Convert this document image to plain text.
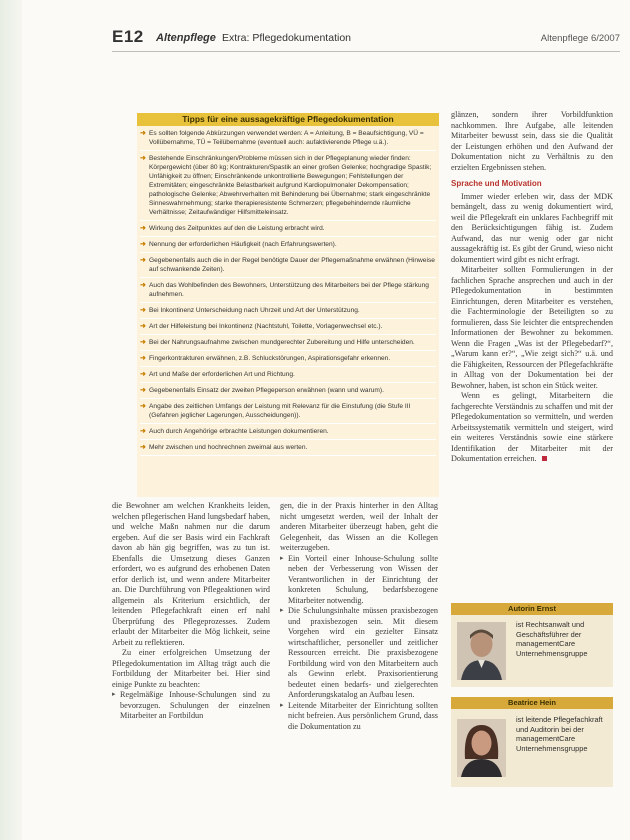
E12 Altenpflege Extra: Pflegedokumentation	Altenpflege 6/2007
Tipps für eine aussagekräftige Pflegedokumentation
➜ Es sollten folgende Abkürzungen verwendet werden: A = Anleitung, B = Beaufsichtigung, VÜ = Vollübernahme, TÜ = Teilübernahme (eventuell auch: aufaktivierende Pflege u.ä.).
➜ Bestehende Einschränkungen/Probleme müssen sich in der Pflegeplanung wieder finden: Körpergewicht (über 80 kg; Kontrakturen/Spastik an einer großen Gelenke; hochgradige Spastik; Unfähigkeit zu öffnen; Einschränkende unkontrollierte Bewegungen; Fehlstellungen der Extremitäten; eingeschränkte Belastbarkeit aufgrund Kardiopulmonaler Dekompensation; pathologische Gelenke; Abwehrverhalten mit Behinderung bei Übernahme; stark eingeschränkte Sinneswahrnehmung; starke therapieresistente Schmerzen; pflegebehindernde räumliche Verhältnisse; Zeitaufwändiger Hilfsmitteleinsatz.
➜ Wirkung des Zeitpunktes auf den die Leistung erbracht wird.
➜ Nennung der erforderlichen Häufigkeit (nach Erfahrungswerten).
➜ Gegebenenfalls auch die in der Regel benötigte Dauer der Pflegemaßnahme erwähnen (Hinweise auf schwankende Zeiten).
➜ Auch das Wohlbefinden des Bewohners, Unterstützung des Mitarbeiters bei der Pflege stärkung aufnehmen.
➜ Bei Inkontinenz Unterscheidung nach Uhrzeit und Art der Unterstützung.
➜ Art der Hilfeleistung bei Inkontinenz (Nachtstuhl, Toilette, Vorlagenwechsel etc.).
➜ Bei der Nahrungsaufnahme zwischen mundgerechter Zubereitung und Hilfe unterscheiden.
➜ Fingerkontrakturen erwähnen, z.B. Schluckstörungen, Aspirationsgefahr erkennen.
➜ Art und Maße der erforderlichen Art und Richtung.
➜ Gegebenenfalls Einsatz der zweiten Pflegeperson erwähnen (wann und warum).
➜ Angabe des zeitlichen Umfangs der Leistung mit Relevanz für die Einstufung (die Stufe III (Gefahren jeglicher Lagerungen, Ausscheidungen)).
➜ Auch durch Angehörige erbrachte Leistungen dokumentieren.
➜ Mehr zwischen und hochrechnen zweimal aus werten.

die Bewohner am welchen Krankheits leiden, welchen pflegerischen Hand lungsbedarf haben, und welche Maßn nahmen nur die darum ergeben. Auf die ser Basis wird ein Fachkraft davon ab hän gig begriffen, was zu tun ist. Ebenfalls die Umsetzung dieses Ganzen erfordert, wo es aufgrund des erhobenen Daten erfor derlich ist, und wenn andere Mitarbeiter an. Die Durchführung von Pflegeaktionen wird allgemein als Kriterium ersichtlich, der leitenden Pflegefachkraft einen erf nahl Überprüfung des Pflegeprozesses. Zudem erlaubt der Mitarbeiter die Mög lichkeit, seine Arbeit zu reflektieren.

Zu einer erfolgreichen Umsetzung der Pflegedokumentation im Alltag trägt auch die Fortbildung der Mitarbeiter bei. Hier sind einige Punkte zu beachten:

▸ Regelmäßige Inhouse-Schulungen sind zu bevorzugen. Schulungen der einzelnen Mitarbeiter an Fortbildun

gen, die in der Praxis hinterher in den Alltag nicht umgesetzt werden, weil der Inhalt der anderen Mitarbeiter überzeugt haben, geht die Gelegenheit, das Wissen an die Kollegen weiterzugeben.

▸ Ein Vorteil einer Inhouse-Schulung sollte neben der Verbesserung von Wissen der Verantwortlichen in der Einrichtung der konkreten Schulung, bedarfsbezogene Mitarbeiter notwendig.

▸ Die Schulungsinhalte müssen praxisbezogen und praxisbezogen sein. Mit diesem Vorgehen wird ein gezielter Einsatz wirtschaftlicher, personeller und zeitlicher Ressourcen erreicht. Die praxisbezogene Fortbildung wird von den Mitarbeitern auch als Gewinn erlebt. Praxisorientierung bedeutet einen bedarfs- und zielgerechten Anforderungskatalog an Aufbau lesen.

▸ Leitende Mitarbeiter der Einrichtung sollten nicht befreien. Aus persönlichem Grund, dass die Dokumentation zu

glänzen, sondern ihrer Vorbildfunktion nachkommen. Ihre Aufgabe, alle leitenden Mitarbeiter bewusst sein, dass sie die Qualität der Leistungen erhöhen und den Aufwand der Dokumentation nicht zu Verhältnis zu den erzielten Ergebnissen stehen.

Sprache und Motivation

Immer wieder erleben wir, dass der MDK bemängelt, dass zu wenig dokumentiert wird, weil die Pflegekraft ein unklares Fachbegriff mit den Berücksichtigungen fähig ist. Zudem Aufwand, das nur wenig oder gar nicht aussagekräftig ist. Es gibt der Grund, wieso nicht dokumentiert wird gibt es nicht erfragt.

Mitarbeiter sollten Formulierungen in der fachlichen Sprache ansprechen und auch in der Pflegedokumentation in bestimmten Einrichtungen, deren Mitarbeiter es verstehen, die Fachterminologie der Beteiligten so zu formulieren, dass Sie leichter die entsprechenden Informationen der Bewohner zu bekommen. Wenn die Fragen „Was ist der Pflegebedarf?“, „Warum kann er?“, „Wie zeigt sich?“ u.ä. und die Fähigkeiten, Ressourcen der Pflegefachkräfte in Alltag von der Dokumentation bei der Bewohner, haben, ist schon ein Stück weiter.

Wenn es gelingt, Mitarbeitern die fachgerechte Verständnis zu schaffen und mit der Pflegedokumentation so vermitteln, und werden Arbeitssystematik vermitteln und steigert, wird ein weiteres Verständnis sowie eine stärkere Identifikation der Mitarbeiter mit der Dokumentation erreichen.

Autorin Ernst
ist Rechtsanwalt und Geschäftsführer der managementCare Unternehmensgruppe
Beatrice Hein
ist leitende Pflegefachkraft und Auditorin bei der managementCare Unternehmensgruppe
